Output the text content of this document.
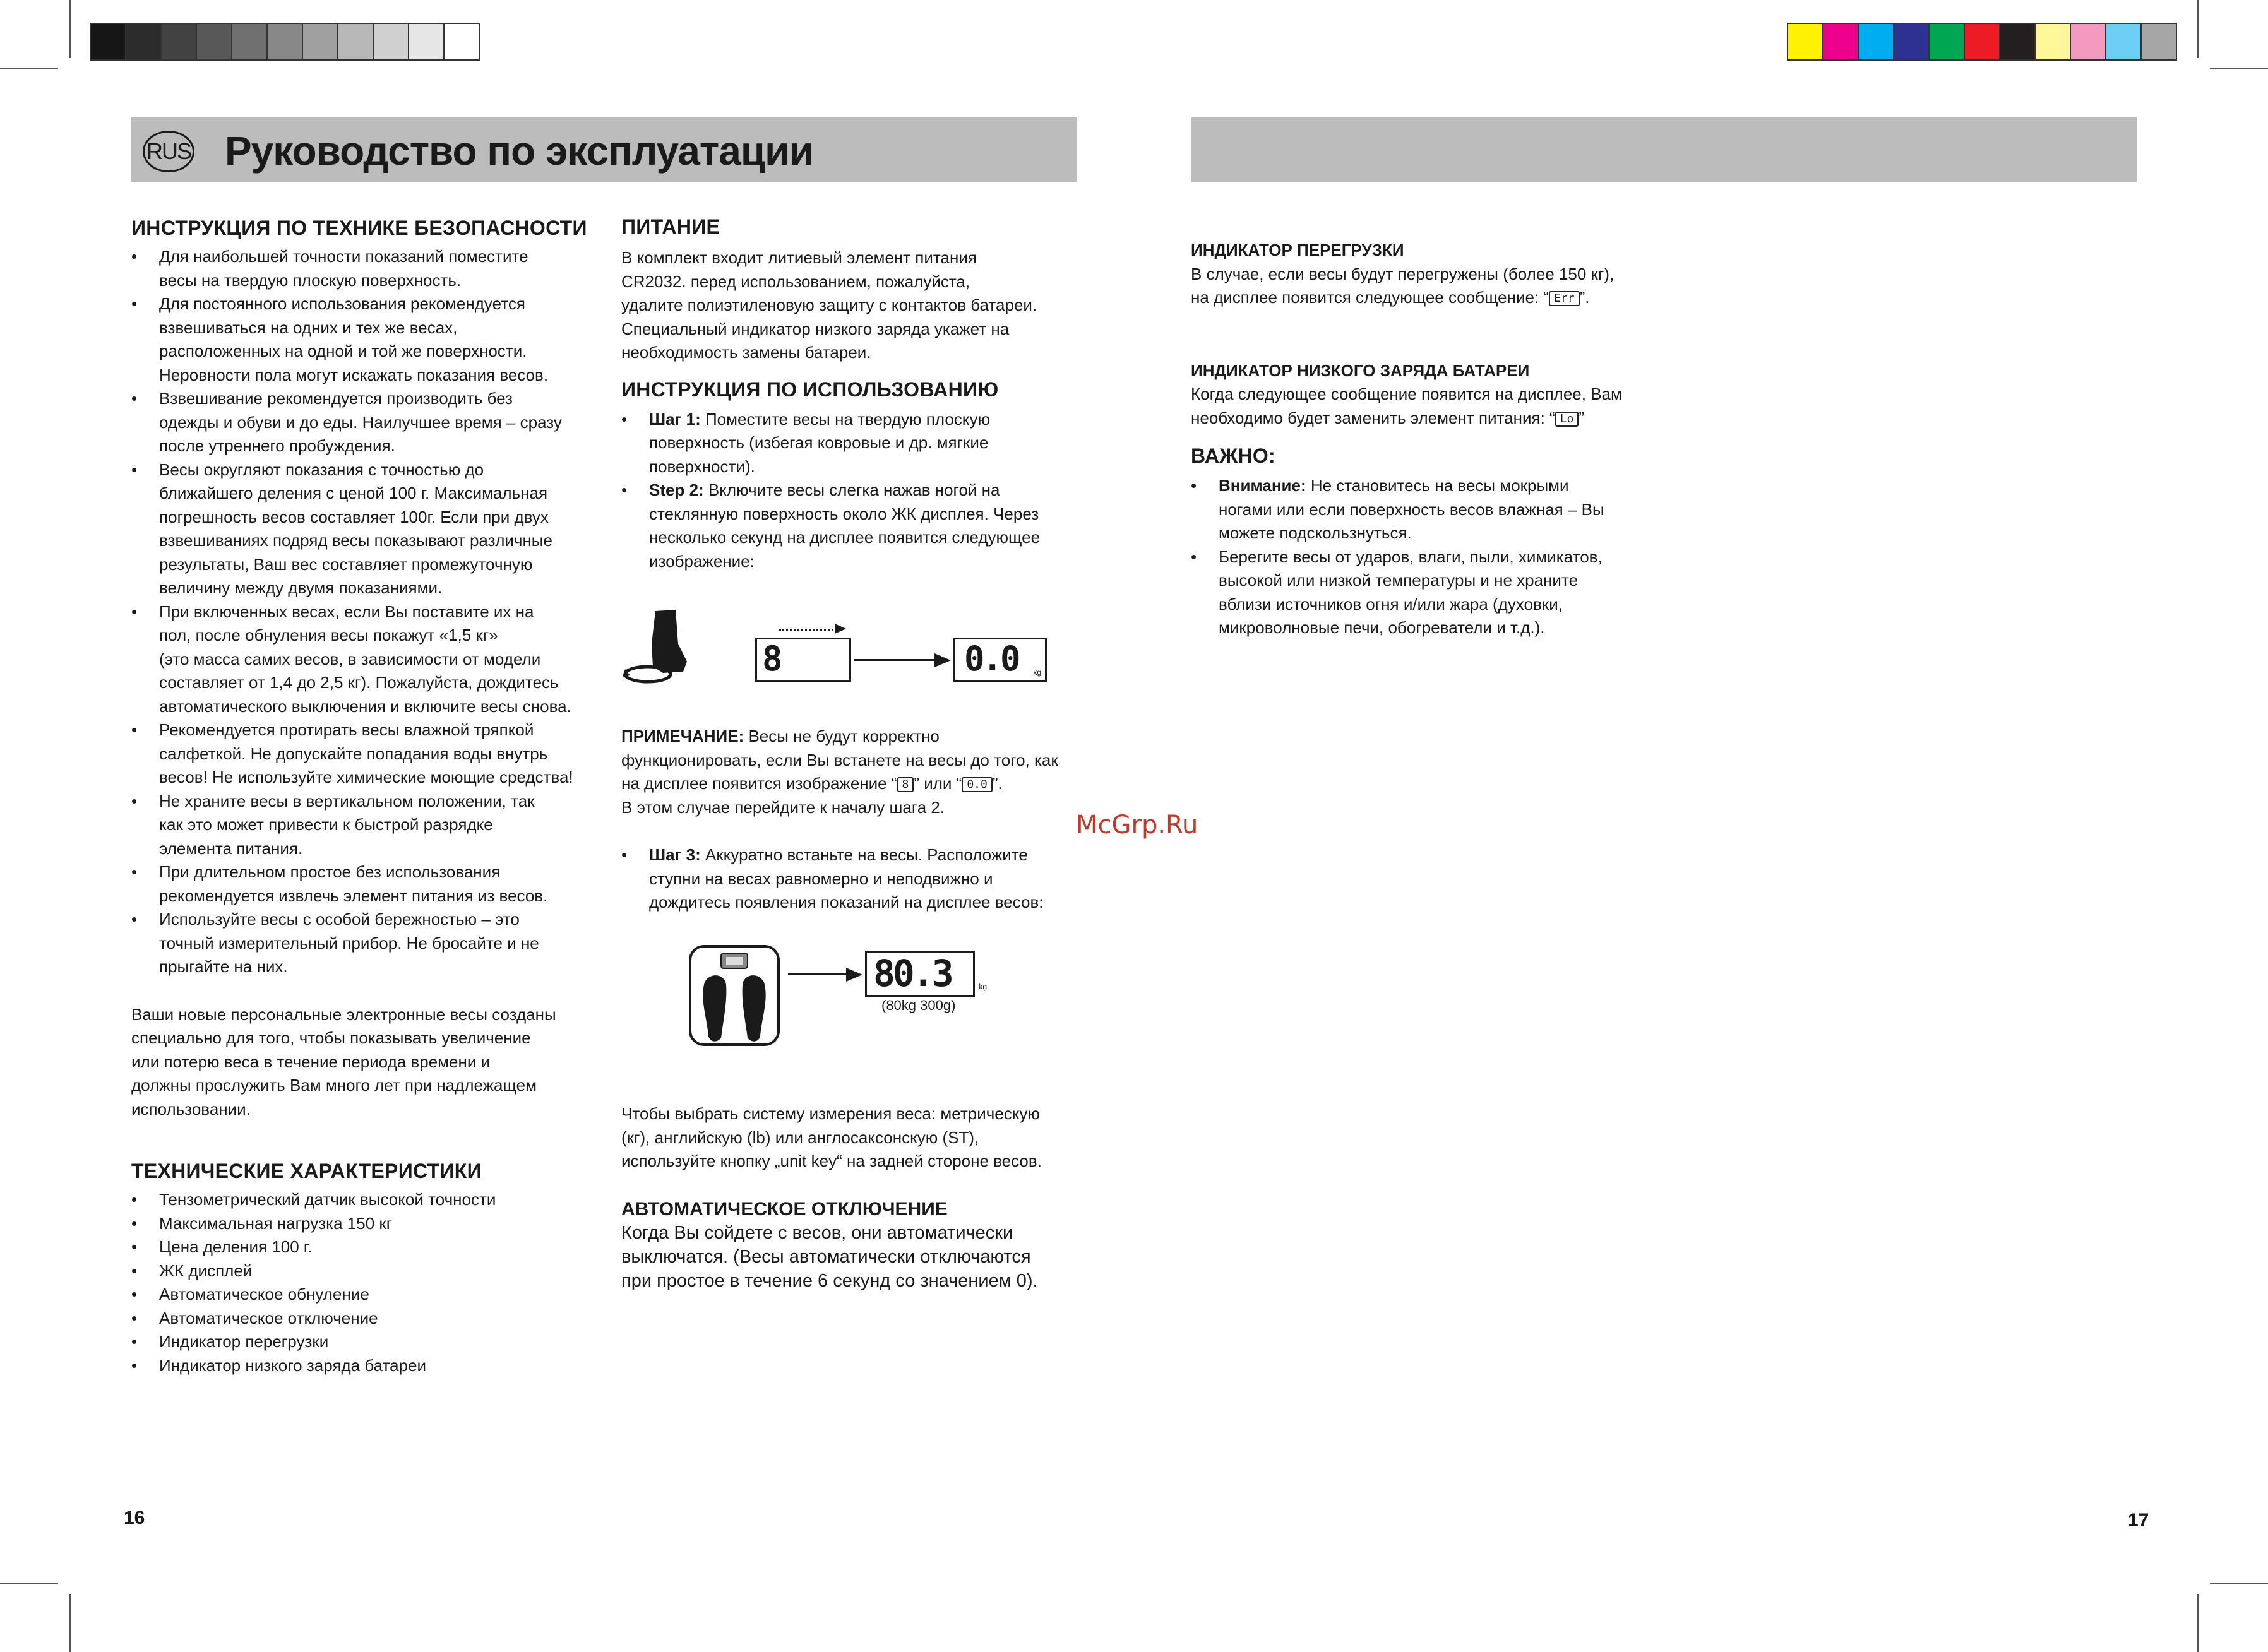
RUS Руководство по эксплуатации
ИНСТРУКЦИЯ ПО ТЕХНИКЕ БЕЗОПАСНОСТИ
• Для наибольшей точности показаний поместите
весы на твердую плоскую поверхность.
• Для постоянного использования рекомендуется
взвешиваться на одних и тех же весах,
расположенных на одной и той же поверхности.
Неровности пола могут искажать показания весов.
• Взвешивание рекомендуется производить без
одежды и обуви и до еды. Наилучшее время – сразу
после утреннего пробуждения.
• Весы округляют показания с точностью до
ближайшего деления с ценой 100 г. Максимальная
погрешность весов составляет 100г. Если при двух
взвешиваниях подряд весы показывают различные
результаты, Ваш вес составляет промежуточную
величину между двумя показаниями.
• При включенных весах, если Вы поставите их на
пол, после обнуления весы покажут «1,5 кг»
(это масса самих весов, в зависимости от модели
составляет от 1,4 до 2,5 кг). Пожалуйста, дождитесь
автоматического выключения и включите весы снова.
• Рекомендуется протирать весы влажной тряпкой
салфеткой. Не допускайте попадания воды внутрь
весов! Не используйте химические моющие средства!
• Не храните весы в вертикальном положении, так
как это может привести к быстрой разрядке
элемента питания.
• При длительном простое без использования
рекомендуется извлечь элемент питания из весов.
• Используйте весы с особой бережностью – это
точный измерительный прибор. Не бросайте и не
прыгайте на них.
Ваши новые персональные электронные весы созданы
специально для того, чтобы показывать увеличение
или потерю веса в течение периода времени и
должны прослужить Вам много лет при надлежащем
использовании.
ТЕХНИЧЕСКИЕ ХАРАКТЕРИСТИКИ
• Тензометрический датчик высокой точности
• Максимальная нагрузка 150 кг
• Цена деления 100 г.
• ЖК дисплей
• Автоматическое обнуление
• Автоматическое отключение
• Индикатор перегрузки
• Индикатор низкого заряда батареи
16
ПИТАНИЕ
В комплект входит литиевый элемент питания
CR2032. перед использованием, пожалуйста,
удалите полиэтиленовую защиту с контактов батареи.
Специальный индикатор низкого заряда укажет на
необходимость замены батареи.
ИНСТРУКЦИЯ ПО ИСПОЛЬЗОВАНИЮ
• Шаг 1: Поместите весы на твердую плоскую
поверхность (избегая ковровые и др. мягкие
поверхности).
• Step 2: Включите весы слегка нажав ногой на
стеклянную поверхность около ЖК дисплея. Через
несколько секунд на дисплее появится следующее
изображение:
8	0.0 kg

ПРИМЕЧАНИЕ: Весы не будут корректно
функционировать, если Вы встанете на весы до того, как
на дисплее появится изображение “ 8 ” или “ 0.0 ”.
В этом случае перейдите к началу шага 2.

• Шаг 3: Аккуратно встаньте на весы. Расположите
ступни на весах равномерно и неподвижно и
дождитесь появления показаний на дисплее весов:
80.3	kg
(80kg 300g)
Чтобы выбрать систему измерения веса: метрическую
(кг), английскую (lb) или англосаксонскую (ST),
используйте кнопку „unit key“ на задней стороне весов.
АВТОМАТИЧЕСКОЕ ОТКЛЮЧЕНИЕ
Когда Вы сойдете с весов, они автоматически
выключатся. (Весы автоматически отключаются
при простое в течение 6 секунд со значением 0).
ИНДИКАТОР ПЕРЕГРУЗКИ

В случае, если весы будут перегружены (более 150 кг),
на дисплее появится следующее сообщение: “ Err ”.

ИНДИКАТОР НИЗКОГО ЗАРЯДА БАТАРЕИ

Когда следующее сообщение появится на дисплее, Вам
необходимо будет заменить элемент питания: “ Lo ”

ВАЖНО:
• Внимание: Не становитесь на весы мокрыми
ногами или если поверхность весов влажная – Вы
можете подскользнуться.
• Берегите весы от ударов, влаги, пыли, химикатов,
высокой или низкой температуры и не храните
вблизи источников огня и/или жара (духовки,
микроволновые печи, обогреватели и т.д.).
17
McGrp.Ru
